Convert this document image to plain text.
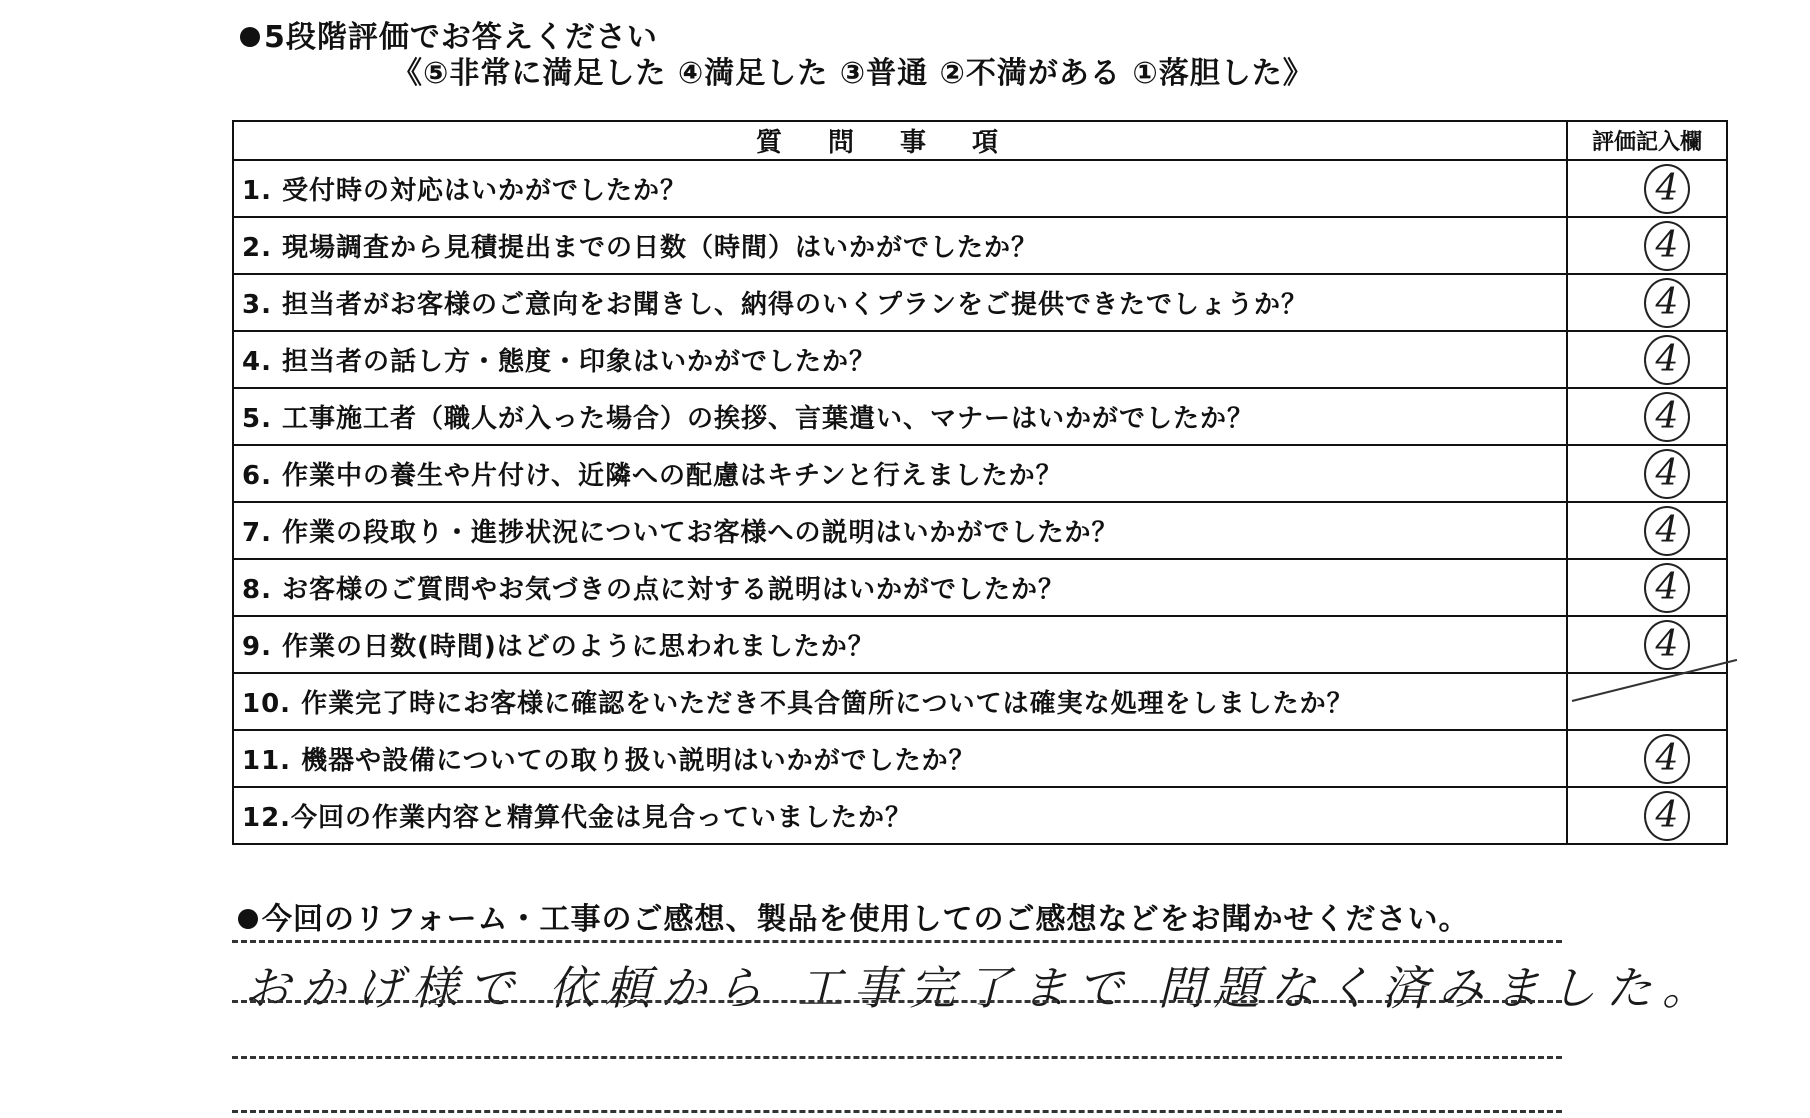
5段階評価でお答えください
《⑤非常に満足した ④満足した ③普通 ②不満がある ①落胆した》
質問事項	評価記入欄
1. 受付時の対応はいかがでしたか？	4
2. 現場調査から見積提出までの日数（時間）はいかがでしたか？	4
3. 担当者がお客様のご意向をお聞きし、納得のいくプランをご提供できたでしょうか？	4
4. 担当者の話し方・態度・印象はいかがでしたか？	4
5. 工事施工者（職人が入った場合）の挨拶、言葉遣い、マナーはいかがでしたか？	4
6. 作業中の養生や片付け、近隣への配慮はキチンと行えましたか？	4
7. 作業の段取り・進捗状況についてお客様への説明はいかがでしたか？	4
8. お客様のご質問やお気づきの点に対する説明はいかがでしたか？	4
9. 作業の日数(時間)はどのように思われましたか？	4
10. 作業完了時にお客様に確認をいただき不具合箇所については確実な処理をしましたか？	

11. 機器や設備についての取り扱い説明はいかがでしたか？	4
12.今回の作業内容と精算代金は見合っていましたか？	4
今回のリフォーム・工事のご感想、製品を使用してのご感想などをお聞かせください。
おかげ様で 依頼から 工事完了まで 問題なく済みました。
